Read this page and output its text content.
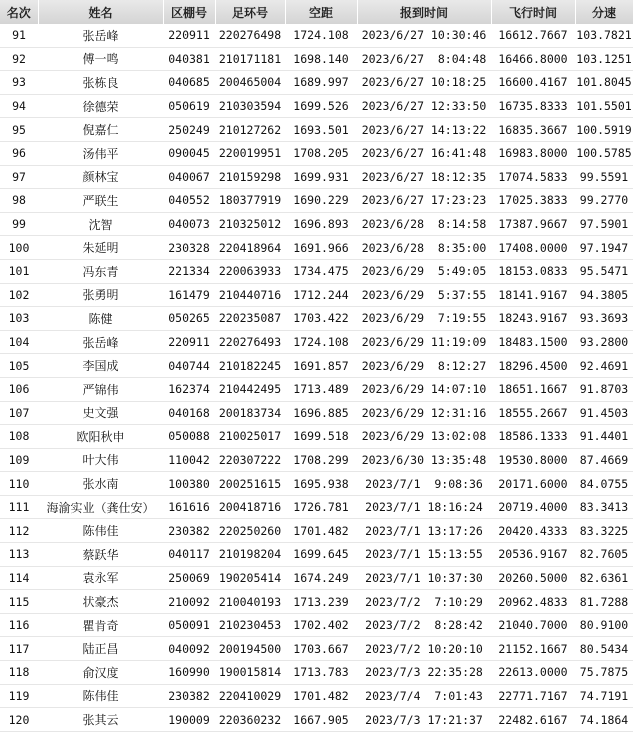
名次	姓名	区棚号	足环号	空距	报到时间	飞行时间	分速
91	张岳峰	220911	220276498	1724.108	2023/6/27 10:30:46	16612.7667	103.7821
92	傅一鸣	040381	210171181	1698.140	2023/6/27  8:04:48	16466.8000	103.1251
93	张栋良	040685	200465004	1689.997	2023/6/27 10:18:25	16600.4167	101.8045
94	徐德荣	050619	210303594	1699.526	2023/6/27 12:33:50	16735.8333	101.5501
95	倪嘉仁	250249	210127262	1693.501	2023/6/27 14:13:22	16835.3667	100.5919
96	汤伟平	090045	220019951	1708.205	2023/6/27 16:41:48	16983.8000	100.5785
97	颜林宝	040067	210159298	1699.931	2023/6/27 18:12:35	17074.5833	99.5591
98	严联生	040552	180377919	1690.229	2023/6/27 17:23:23	17025.3833	99.2770
99	沈智	040073	210325012	1696.893	2023/6/28  8:14:58	17387.9667	97.5901
100	朱延明	230328	220418964	1691.966	2023/6/28  8:35:00	17408.0000	97.1947
101	冯东青	221334	220063933	1734.475	2023/6/29  5:49:05	18153.0833	95.5471
102	张勇明	161479	210440716	1712.244	2023/6/29  5:37:55	18141.9167	94.3805
103	陈健	050265	220235087	1703.422	2023/6/29  7:19:55	18243.9167	93.3693
104	张岳峰	220911	220276493	1724.108	2023/6/29 11:19:09	18483.1500	93.2800
105	李国成	040744	210182245	1691.857	2023/6/29  8:12:27	18296.4500	92.4691
106	严锦伟	162374	210442495	1713.489	2023/6/29 14:07:10	18651.1667	91.8703
107	史文强	040168	200183734	1696.885	2023/6/29 12:31:16	18555.2667	91.4503
108	欧阳秋申	050088	210025017	1699.518	2023/6/29 13:02:08	18586.1333	91.4401
109	叶大伟	110042	220307222	1708.299	2023/6/30 13:35:48	19530.8000	87.4669
110	张水南	100380	200251615	1695.938	2023/7/1  9:08:36	20171.6000	84.0755
111	海渝实业（龚仕安）	161616	200418716	1726.781	2023/7/1 18:16:24	20719.4000	83.3413
112	陈伟佳	230382	220250260	1701.482	2023/7/1 13:17:26	20420.4333	83.3225
113	蔡跃华	040117	210198204	1699.645	2023/7/1 15:13:55	20536.9167	82.7605
114	袁永军	250069	190205414	1674.249	2023/7/1 10:37:30	20260.5000	82.6361
115	状豪杰	210092	210040193	1713.239	2023/7/2  7:10:29	20962.4833	81.7288
116	瞿肯奇	050091	210230453	1702.402	2023/7/2  8:28:42	21040.7000	80.9100
117	陆正昌	040092	200194500	1703.667	2023/7/2 10:20:10	21152.1667	80.5434
118	俞汉度	160990	190015814	1713.783	2023/7/3 22:35:28	22613.0000	75.7875
119	陈伟佳	230382	220410029	1701.482	2023/7/4  7:01:43	22771.7167	74.7191
120	张其云	190009	220360232	1667.905	2023/7/3 17:21:37	22482.6167	74.1864
